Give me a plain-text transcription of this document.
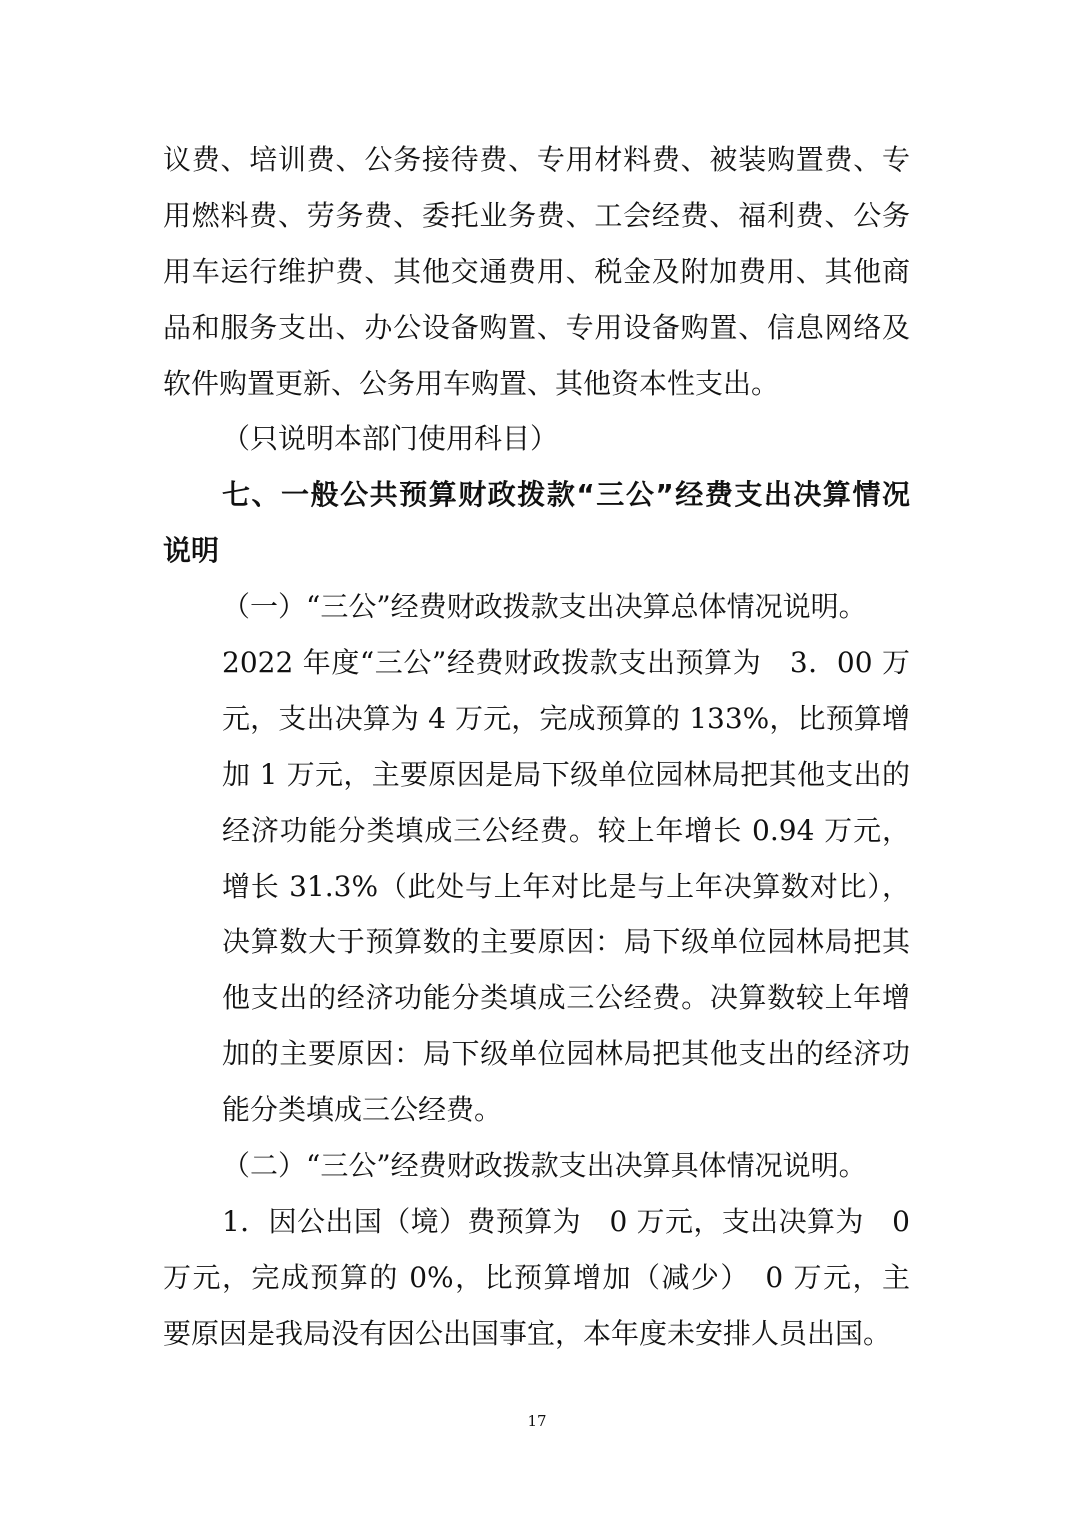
议费、培训费、公务接待费、专用材料费、被装购置费、专
用燃料费、劳务费、委托业务费、工会经费、福利费、公务
用车运行维护费、其他交通费用、税金及附加费用、其他商
品和服务支出、办公设备购置、专用设备购置、信息网络及
软件购置更新、公务用车购置、其他资本性支出。
（只说明本部门使用科目）
七、一般公共预算财政拨款“三公”经费支出决算情况
说明
（一）“三公”经费财政拨款支出决算总体情况说明。
2022 年度“三公”经费财政拨款支出预算为　3．00 万
元，支出决算为 4 万元，完成预算的 133%，比预算增
加 1 万元，主要原因是局下级单位园林局把其他支出的
经济功能分类填成三公经费。较上年增长 0.94 万元，
增长 31.3%（此处与上年对比是与上年决算数对比），
决算数大于预算数的主要原因：局下级单位园林局把其
他支出的经济功能分类填成三公经费。决算数较上年增
加的主要原因：局下级单位园林局把其他支出的经济功
能分类填成三公经费。
（二）“三公”经费财政拨款支出决算具体情况说明。
1．因公出国（境）费预算为　0 万元，支出决算为　0
万元，完成预算的 0%，比预算增加（减少）　0 万元，主
要原因是我局没有因公出国事宜，本年度未安排人员出国。
17
